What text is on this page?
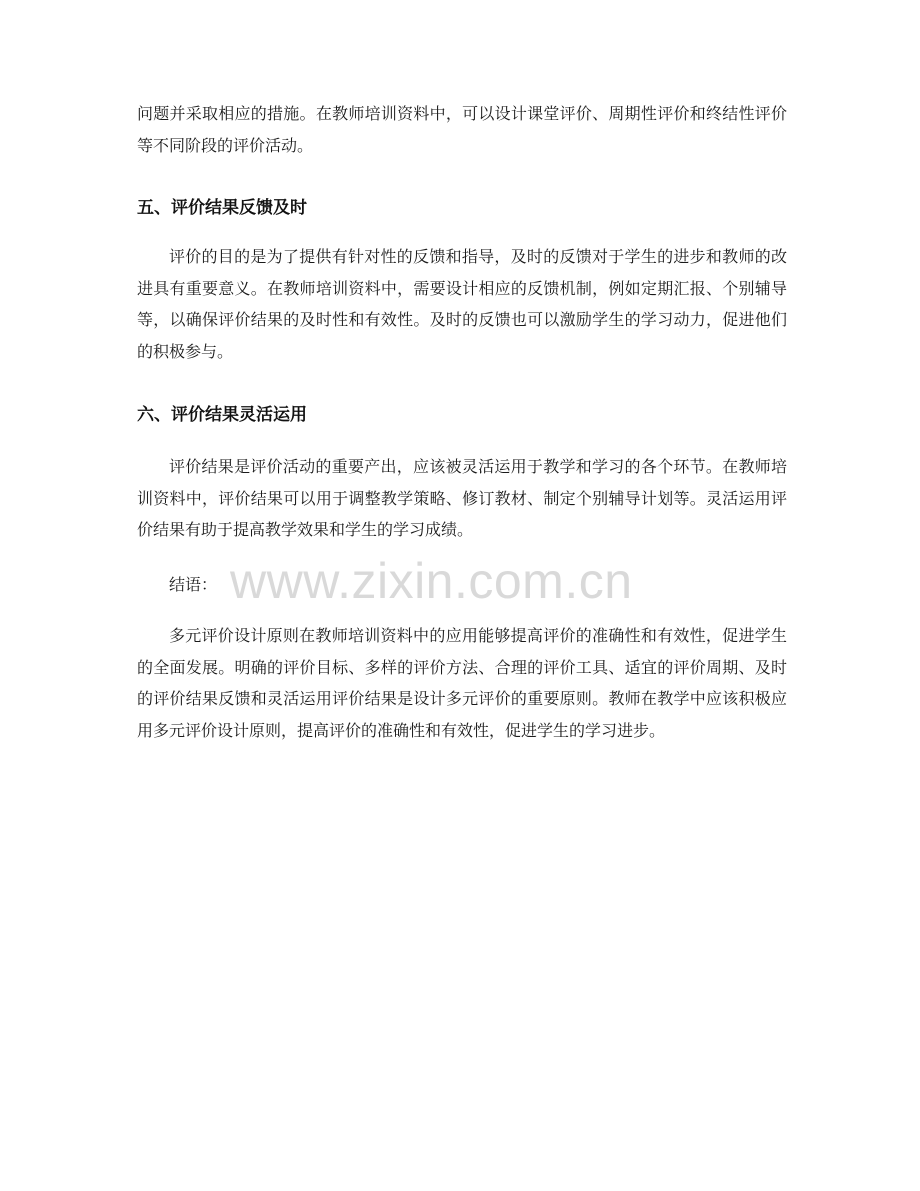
问题并采取相应的措施。在教师培训资料中，可以设计课堂评价、周期性评价和终结性评价等不同阶段的评价活动。

五、评价结果反馈及时

评价的目的是为了提供有针对性的反馈和指导，及时的反馈对于学生的进步和教师的改进具有重要意义。在教师培训资料中，需要设计相应的反馈机制，例如定期汇报、个别辅导等，以确保评价结果的及时性和有效性。及时的反馈也可以激励学生的学习动力，促进他们的积极参与。

六、评价结果灵活运用

评价结果是评价活动的重要产出，应该被灵活运用于教学和学习的各个环节。在教师培训资料中，评价结果可以用于调整教学策略、修订教材、制定个别辅导计划等。灵活运用评价结果有助于提高教学效果和学生的学习成绩。

结语：

多元评价设计原则在教师培训资料中的应用能够提高评价的准确性和有效性，促进学生的全面发展。明确的评价目标、多样的评价方法、合理的评价工具、适宜的评价周期、及时的评价结果反馈和灵活运用评价结果是设计多元评价的重要原则。教师在教学中应该积极应用多元评价设计原则，提高评价的准确性和有效性，促进学生的学习进步。

www.zixin.com.cn
